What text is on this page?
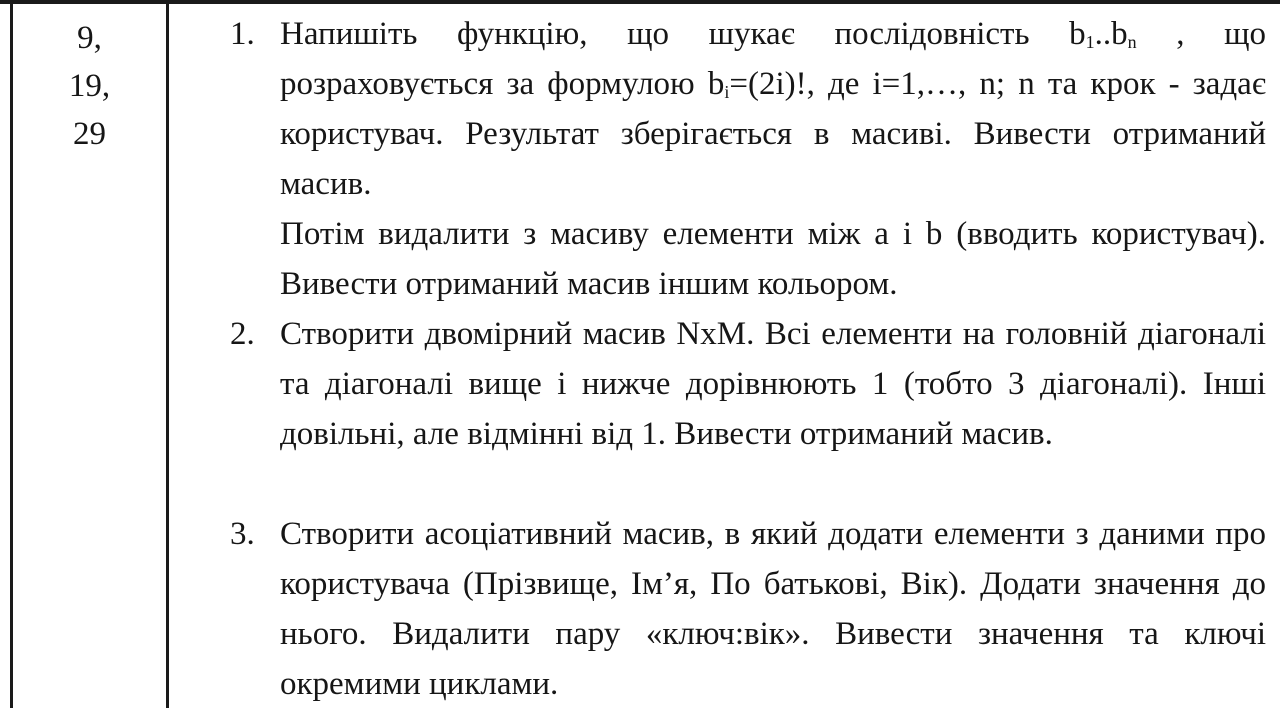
9,
19,
29
1. Напишіть функцію, що шукає послідовність $b_1..b_n$ , що розраховується за формулою $b_i=(2i)$!, де i=1,…, n; n та крок - задає користувач. Результат зберігається в масиві. Вивести отриманий масив.

Потім видалити з масиву елементи між a і b (вводить користувач). Вивести отриманий масив іншим кольором.

2. Створити двомірний масив NxM. Всі елементи на головній діагоналі та діагоналі вище і нижче дорівнюють 1 (тобто 3 діагоналі). Інші довільні, але відмінні від 1. Вивести отриманий масив.
3. Створити асоціативний масив, в який додати елементи з даними про користувача (Прізвище, Ім’я, По батькові, Вік). Додати значення до нього. Видалити пару «ключ:вік». Вивести значення та ключі окремими циклами.
